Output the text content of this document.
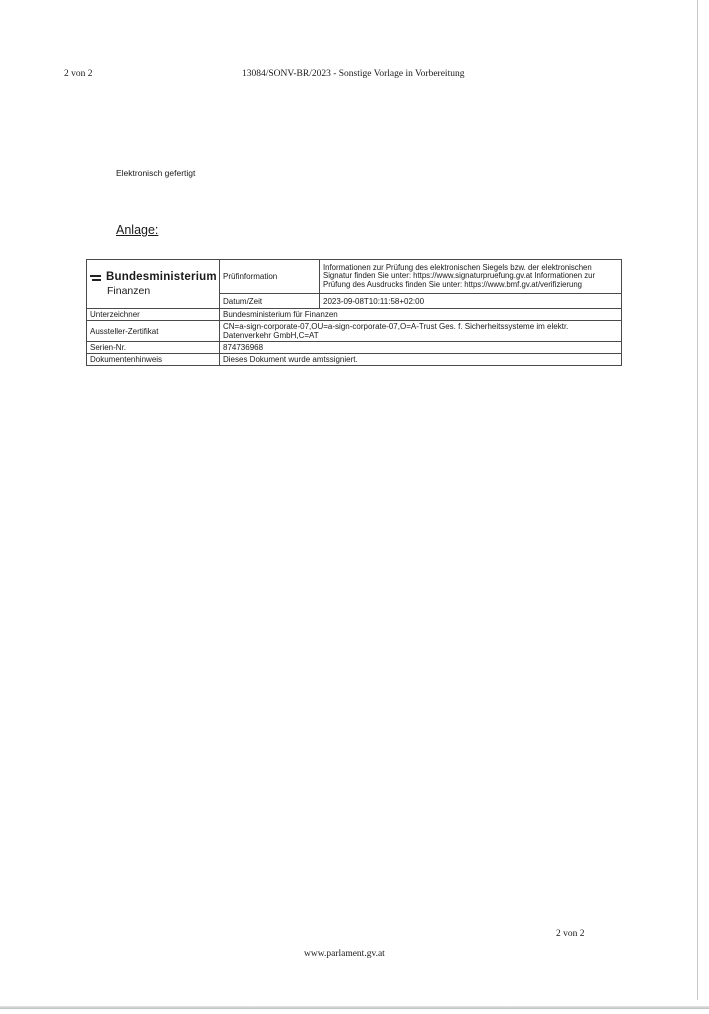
2 von 2	13084/SONV-BR/2023 - Sonstige Vorlage in Vorbereitung
Elektronisch gefertigt
Anlage:
Bundesministerium
Finanzen	Prüfinformation	Informationen zur Prüfung des elektronischen Siegels bzw. der elektronischen Signatur finden Sie unter: https://www.signaturpruefung.gv.at Informationen zur Prüfung des Ausdrucks finden Sie unter: https://www.bmf.gv.at/verifizierung
	Datum/Zeit	2023-09-08T10:11:58+02:00
Unterzeichner	Bundesministerium für Finanzen	
Aussteller-Zertifikat	CN=a-sign-corporate-07,OU=a-sign-corporate-07,O=A-Trust Ges. f. Sicherheitssysteme im elektr. Datenverkehr GmbH,C=AT	
Serien-Nr.	874736968	
Dokumentenhinweis	Dieses Dokument wurde amtssigniert.	
2 von 2
www.parlament.gv.at
